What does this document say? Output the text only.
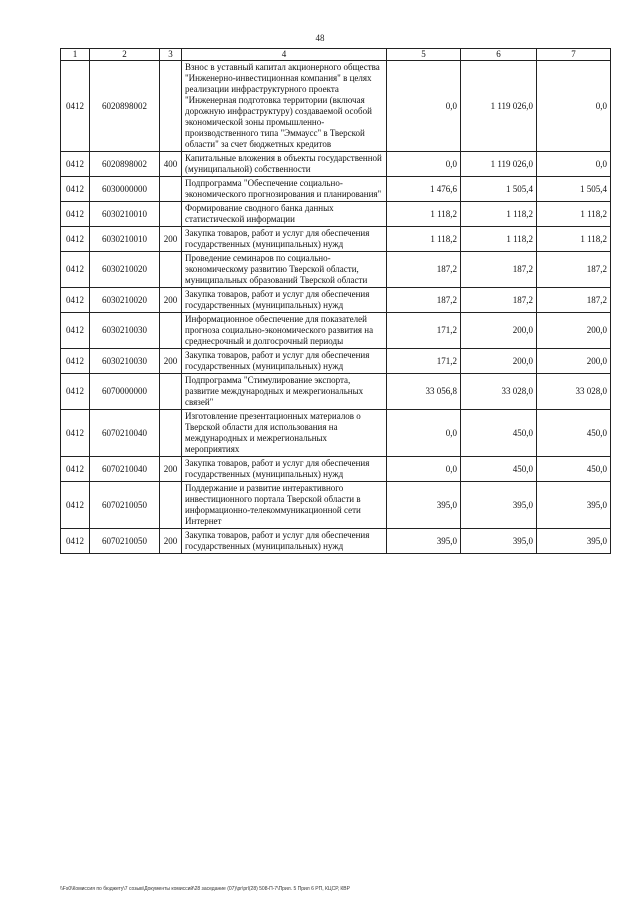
48
1	2	3	4	5	6	7
0412	6020898002		Взнос в уставный капитал акционерного общества "Инженерно-инвестиционная компания" в целях реализации инфраструктурного проекта "Инженерная подготовка территории (включая дорожную инфраструктуру) создаваемой особой экономической зоны промышленно-производственного типа "Эммаусс" в Тверской области" за счет бюджетных кредитов	0,0	1 119 026,0	0,0
0412	6020898002	400	Капитальные вложения в объекты государственной (муниципальной) собственности	0,0	1 119 026,0	0,0
0412	6030000000		Подпрограмма "Обеспечение социально-экономического прогнозирования и планирования"	1 476,6	1 505,4	1 505,4
0412	6030210010		Формирование сводного банка данных статистической информации	1 118,2	1 118,2	1 118,2
0412	6030210010	200	Закупка товаров, работ и услуг для обеспечения государственных (муниципальных) нужд	1 118,2	1 118,2	1 118,2
0412	6030210020		Проведение семинаров по социально-экономическому развитию Тверской области, муниципальных образований Тверской области	187,2	187,2	187,2
0412	6030210020	200	Закупка товаров, работ и услуг для обеспечения государственных (муниципальных) нужд	187,2	187,2	187,2
0412	6030210030		Информационное обеспечение для показателей прогноза социально-экономического развития на среднесрочный и долгосрочный периоды	171,2	200,0	200,0
0412	6030210030	200	Закупка товаров, работ и услуг для обеспечения государственных (муниципальных) нужд	171,2	200,0	200,0
0412	6070000000		Подпрограмма "Стимулирование экспорта, развитие международных и межрегиональных связей"	33 056,8	33 028,0	33 028,0
0412	6070210040		Изготовление презентационных материалов о Тверской области для использования на международных и межрегиональных мероприятиях	0,0	450,0	450,0
0412	6070210040	200	Закупка товаров, работ и услуг для обеспечения государственных (муниципальных) нужд	0,0	450,0	450,0
0412	6070210050		Поддержание и развитие интерактивного инвестиционного портала Тверской области в информационно-телекоммуникационной сети Интернет	395,0	395,0	395,0
0412	6070210050	200	Закупка товаров, работ и услуг для обеспечения государственных (муниципальных) нужд	395,0	395,0	395,0
\\Fs0\Комиссия по бюджету\7 созыв\Документы комиссий\28 заседание (07)\pr\prl(28) 508-П-7\Прил. 5 Прил 6 РП, КЦСР, КВР
